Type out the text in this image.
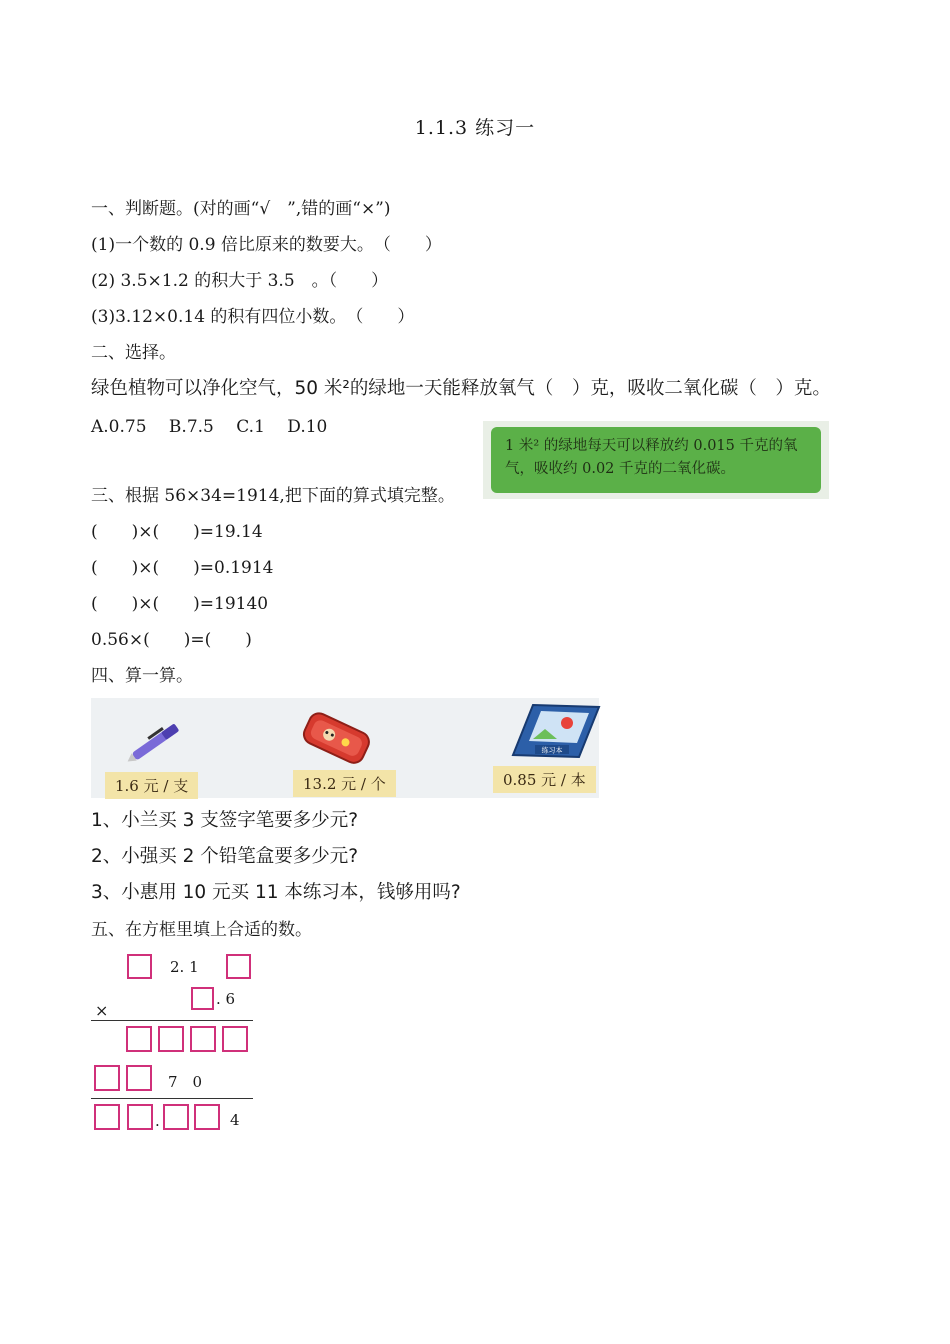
1.1.3 练习一
一、判断题。(对的画“√　”,错的画“×”)
(1)一个数的 0.9 倍比原来的数要大。　（　　）
(2) 3.5×1.2 的积大于 3.5　。（　　）
(3)3.12×0.14 的积有四位小数。　（　　）
二、选择。
绿色植物可以净化空气，50 米²的绿地一天能释放氧气（　）克，吸收二氧化碳（　）克。
A.0.75　 B.7.5　 C.1　 D.10
1 米² 的绿地每天可以释放约 0.015 千克的氧
气，吸收约 0.02 千克的二氧化碳。
三、根据 56×34=1914,把下面的算式填完整。
(　　)×(　　)=19.14
(　　)×(　　)=0.1914
(　　)×(　　)=19140
0.56×(　　)=(　　)
四、算一算。
1.6 元 / 支	13.2 元 / 个
练习本
0.85 元 / 本
1、小兰买 3 支签字笔要多少元?
2、小强买 2 个铅笔盒要多少元?
3、小惠用 10 元买 11 本练习本，钱够用吗?
五、在方框里填上合适的数。
2. 1
×
. 6
7　0
.	4
